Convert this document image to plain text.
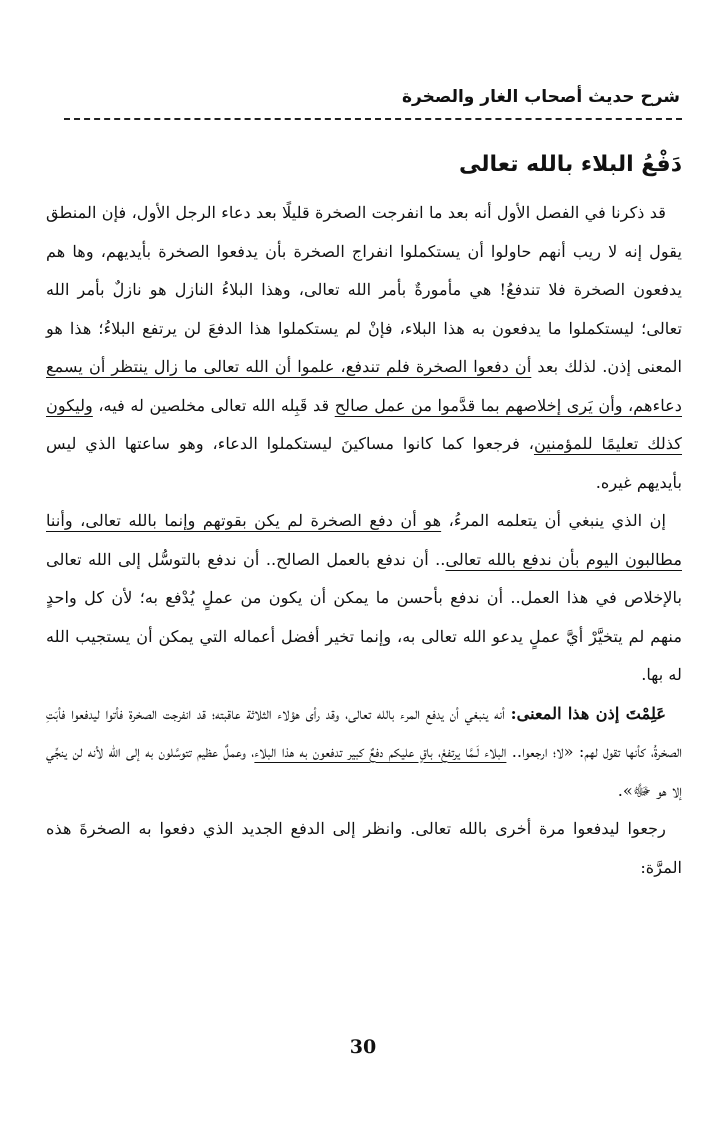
شرح حديث أصحاب الغار والصخرة
دَفْعُ البلاء بالله تعالى

قد ذكرنا في الفصل الأول أنه بعد ما انفرجت الصخرة قليلًا بعد دعاء الرجل الأول، فإن المنطق يقول إنه لا ريب أنهم حاولوا أن يستكملوا انفراج الصخرة بأن يدفعوا الصخرة بأيديهم، وها هم يدفعون الصخرة فلا تندفعُ! هي مأمورةٌ بأمر الله تعالى، وهذا البلاءُ النازل هو نازلٌ بأمر الله تعالى؛ ليستكملوا ما يدفعون به هذا البلاء، فإنْ لم يستكملوا هذا الدفعَ لن يرتفع البلاءُ؛ هذا هو المعنى إذن. لذلك بعد أن دفعوا الصخرة فلم تندفع، علموا أن الله تعالى ما زال ينتظر أن يسمع دعاءهم، وأن يَرى إخلاصهم بما قدَّموا من عمل صالح قد قَبِله الله تعالى مخلصين له فيه، وليكون كذلك تعليمًا للمؤمنين، فرجعوا كما كانوا مساكينَ ليستكملوا الدعاء، وهو ساعتها الذي ليس بأيديهم غيره.

إن الذي ينبغي أن يتعلمه المرءُ، هو أن دفع الصخرة لم يكن بقوتهم وإنما بالله تعالى، وأننا مطالبون اليوم بأن ندفع بالله تعالى.. أن ندفع بالعمل الصالح.. أن ندفع بالتوسُّل إلى الله تعالى بالإخلاص في هذا العمل.. أن ندفع بأحسن ما يمكن أن يكون من عملٍ يُدْفع به؛ لأن كل واحدٍ منهم لم يتخيَّرْ أيَّ عملٍ يدعو الله تعالى به، وإنما تخير أفضل أعماله التي يمكن أن يستجيب الله له بها.

عَلِمْتَ إذن هذا المعنى: أنه ينبغي أن يدفع المرء بالله تعالى، وقد رأى هؤلاء الثلاثة عاقبته؛ قد انفرجت الصخرة فأتوا ليدفعوا فأبَتِ الصخرةُ، كأنها تقول لهم: «لا؛ ارجعوا.. البلاء لَـمَّا يرتفعْ، باقٍ عليكم دفعٌ كبير تدفعون به هذا البلاء، وعملٌ عظيم تتوسَّلون به إلى الله لأنه لن ينجِّي إلا هو ﷻ».

رجعوا ليدفعوا مرة أخرى بالله تعالى. وانظر إلى الدفع الجديد الذي دفعوا به الصخرةَ هذه المرَّة:

30
